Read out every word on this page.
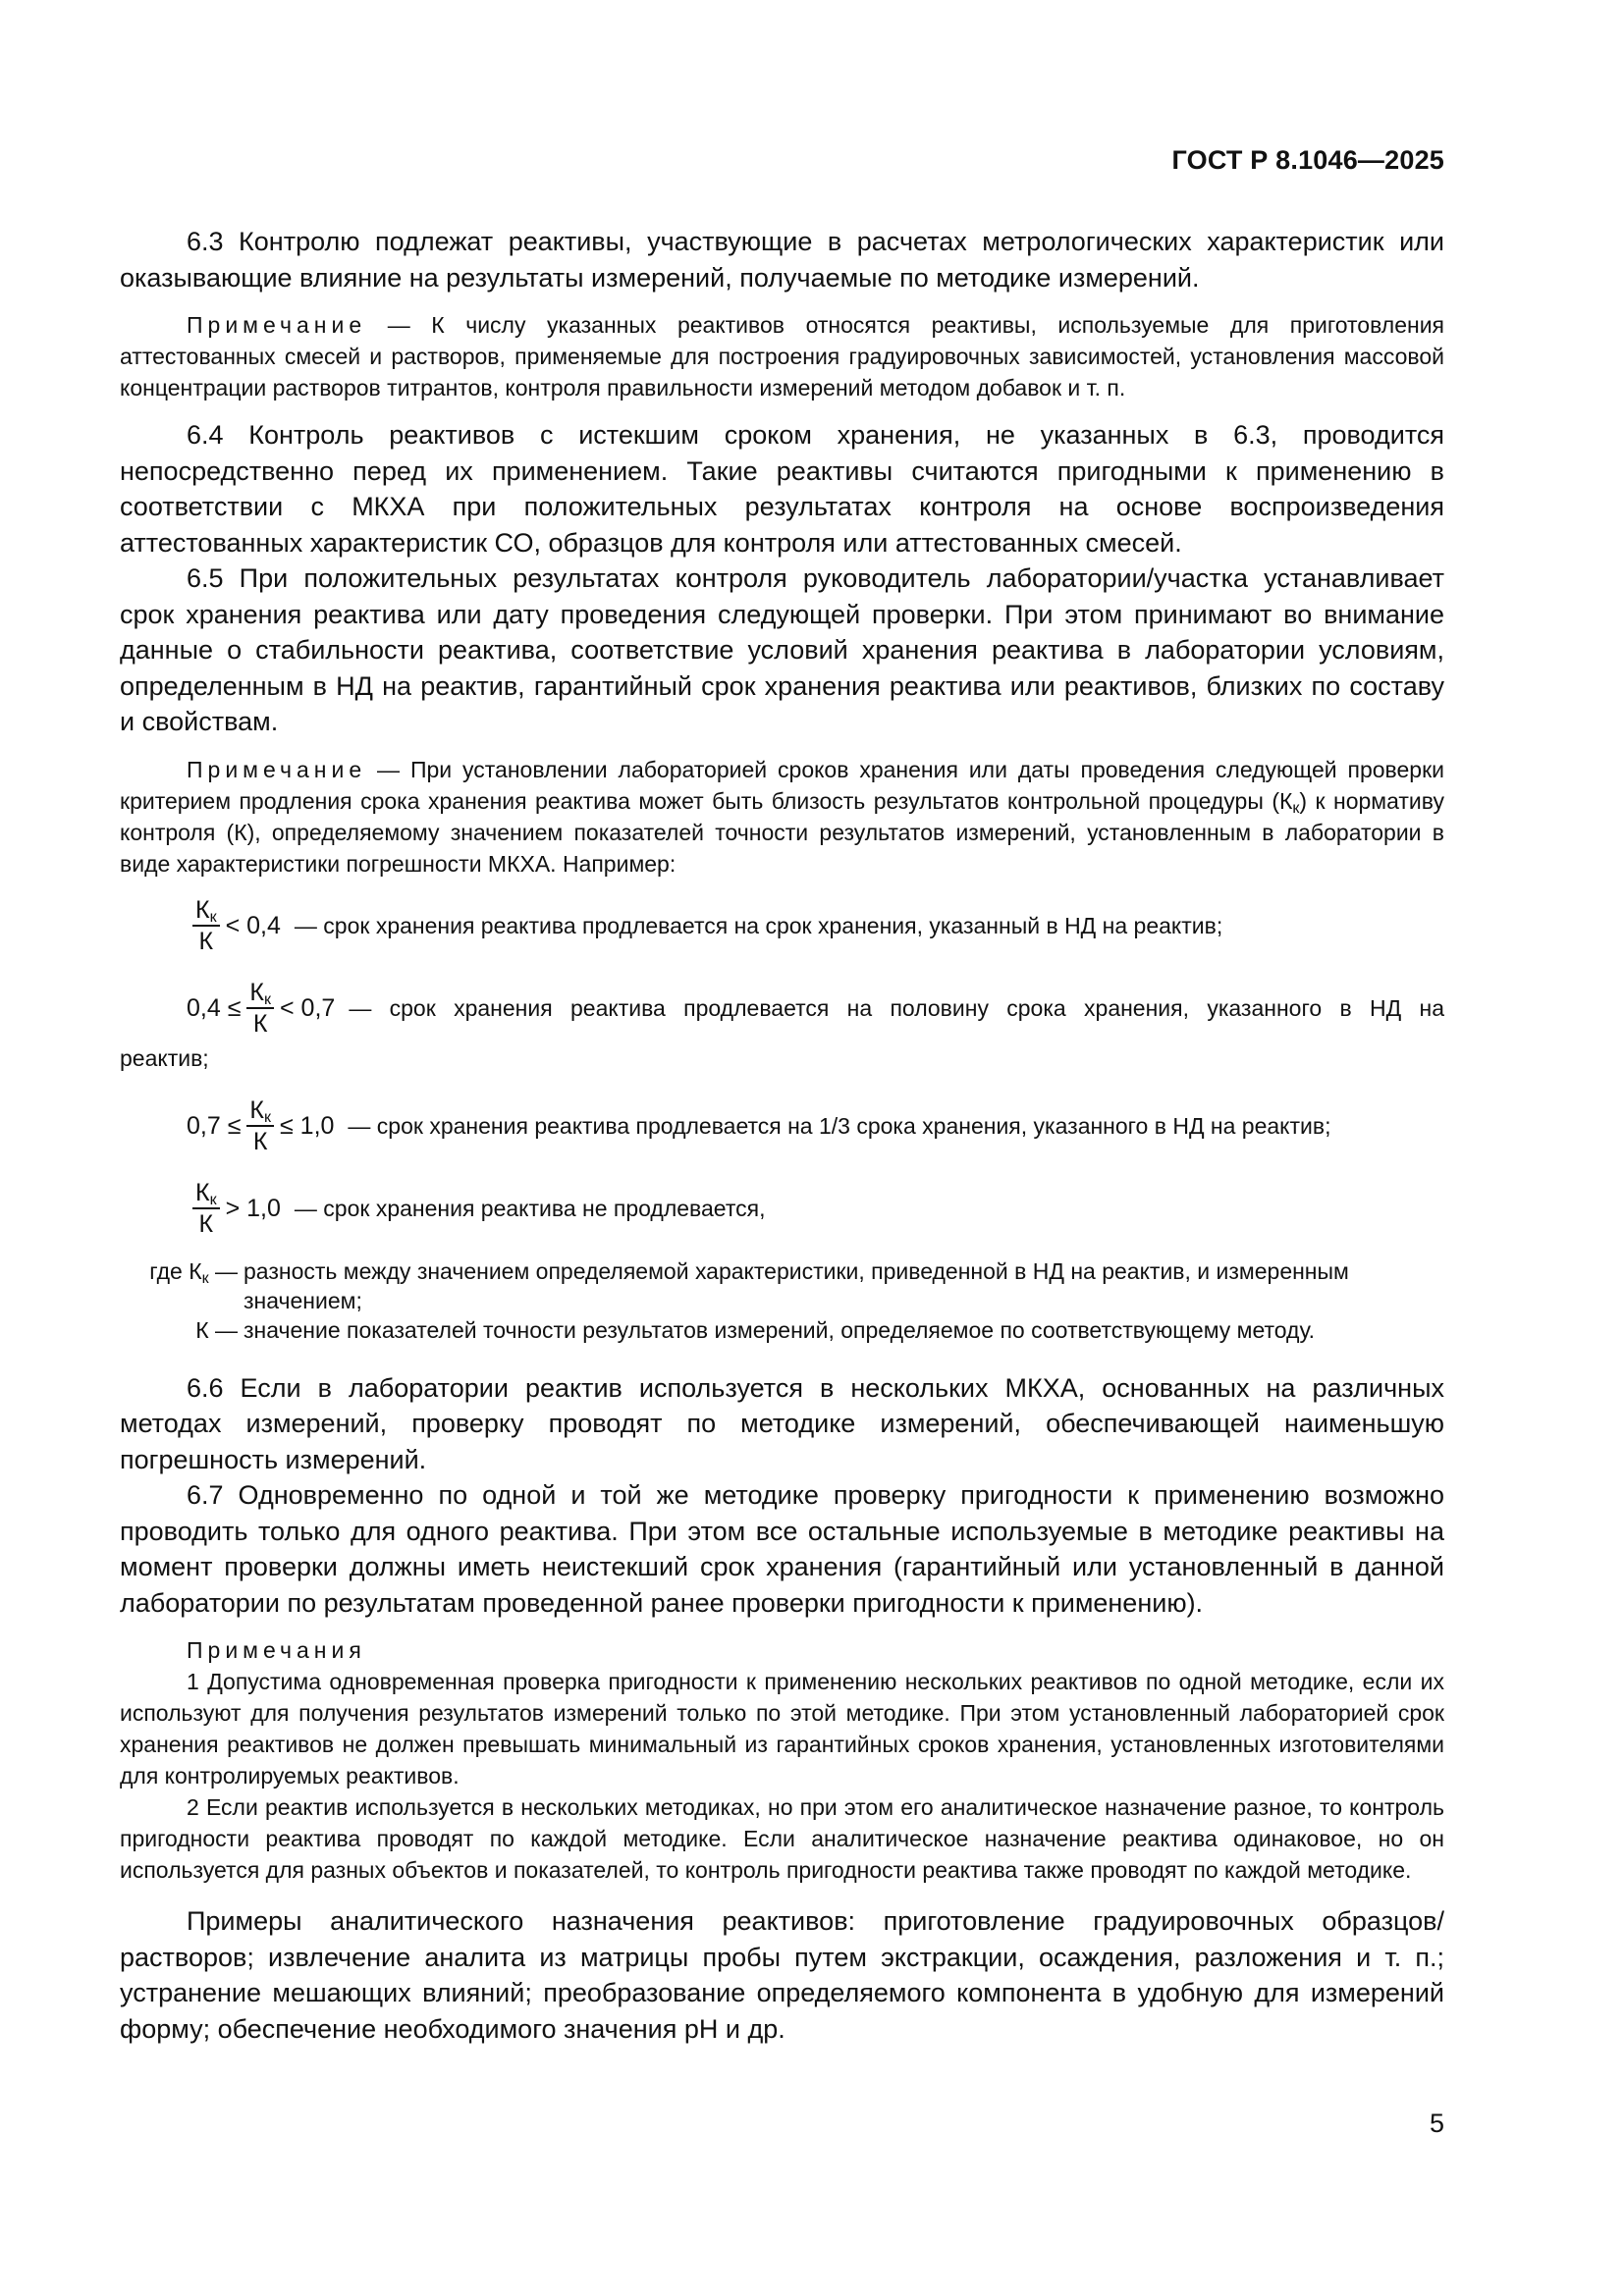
ГОСТ Р 8.1046—2025

6.3 Контролю подлежат реактивы, участвующие в расчетах метрологических характеристик или оказывающие влияние на результаты измерений, получаемые по методике измерений.

Примечание — К числу указанных реактивов относятся реактивы, используемые для приготовления аттестованных смесей и растворов, применяемые для построения градуировочных зависимостей, установления массовой концентрации растворов титрантов, контроля правильности измерений методом добавок и т. п.

6.4 Контроль реактивов с истекшим сроком хранения, не указанных в 6.3, проводится непосредственно перед их применением. Такие реактивы считаются пригодными к применению в соответствии с МКХА при положительных результатах контроля на основе воспроизведения аттестованных характеристик СО, образцов для контроля или аттестованных смесей.

6.5 При положительных результатах контроля руководитель лаборатории/участка устанавливает срок хранения реактива или дату проведения следующей проверки. При этом принимают во внимание данные о стабильности реактива, соответствие условий хранения реактива в лаборатории условиям, определенным в НД на реактив, гарантийный срок хранения реактива или реактивов, близких по составу и свойствам.

Примечание — При установлении лабораторией сроков хранения или даты проведения следующей проверки критерием продления срока хранения реактива может быть близость результатов контрольной процедуры $(К_к)$ к нормативу контроля (К), определяемому значением показателей точности результатов измерений, установленным в лаборатории в виде характеристики погрешности МКХА. Например:

$\frac{К_к}{К} < 0,4$ — срок хранения реактива продлевается на срок хранения, указанный в НД на реактив;
$0,4 \le \frac{К_к}{К} < 0,7$ — срок хранения реактива продлевается на половину срока хранения, указанного в НД на
реактив;
$0,7 \le \frac{К_к}{К} \le 1,0$ — срок хранения реактива продлевается на 1/3 срока хранения, указанного в НД на реактив;
$\frac{К_к}{К} > 1,0$ — срок хранения реактива не продлевается,
где $К_к$ — разность между значением определяемой характеристики, приведенной в НД на реактив, и измеренным значением;
К — значение показателей точности результатов измерений, определяемое по соответствующему методу.

6.6 Если в лаборатории реактив используется в нескольких МКХА, основанных на различных методах измерений, проверку проводят по методике измерений, обеспечивающей наименьшую погрешность измерений.

6.7 Одновременно по одной и той же методике проверку пригодности к применению возможно проводить только для одного реактива. При этом все остальные используемые в методике реактивы на момент проверки должны иметь неистекший срок хранения (гарантийный или установленный в данной лаборатории по результатам проведенной ранее проверки пригодности к применению).

Примечания

1 Допустима одновременная проверка пригодности к применению нескольких реактивов по одной методике, если их используют для получения результатов измерений только по этой методике. При этом установленный лабораторией срок хранения реактивов не должен превышать минимальный из гарантийных сроков хранения, установленных изготовителями для контролируемых реактивов.

2 Если реактив используется в нескольких методиках, но при этом его аналитическое назначение разное, то контроль пригодности реактива проводят по каждой методике. Если аналитическое назначение реактива одинаковое, но он используется для разных объектов и показателей, то контроль пригодности реактива также проводят по каждой методике.

Примеры аналитического назначения реактивов: приготовление градуировочных образцов/растворов; извлечение аналита из матрицы пробы путем экстракции, осаждения, разложения и т. п.; устранение мешающих влияний; преобразование определяемого компонента в удобную для измерений форму; обеспечение необходимого значения pH и др.

5
